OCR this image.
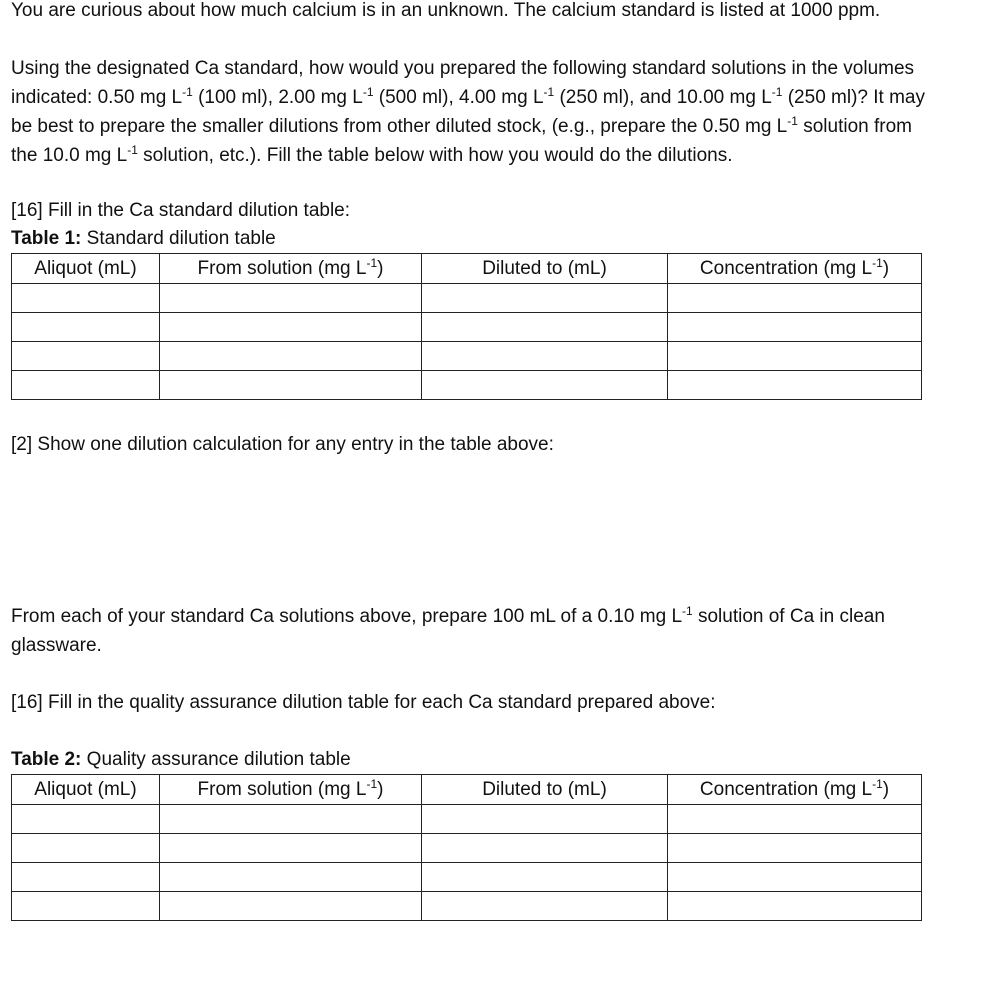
You are curious about how much calcium is in an unknown. The calcium standard is listed at 1000 ppm.

Using the designated Ca standard, how would you prepared the following standard solutions in the volumes indicated: 0.50 mg $L^{-1}$ (100 ml), 2.00 mg $L^{-1}$ (500 ml), 4.00 mg $L^{-1}$ (250 ml), and 10.00 mg $L^{-1}$ (250 ml)? It may be best to prepare the smaller dilutions from other diluted stock, (e.g., prepare the 0.50 mg $L^{-1}$ solution from the 10.0 mg $L^{-1}$ solution, etc.). Fill the table below with how you would do the dilutions.

[16] Fill in the Ca standard dilution table:

Table 1: Standard dilution table

Aliquot (mL)	From solution (mg $L^{-1}$)	Diluted to (mL)	Concentration (mg $L^{-1}$)

[2] Show one dilution calculation for any entry in the table above:

From each of your standard Ca solutions above, prepare 100 mL of a 0.10 mg $L^{-1}$ solution of Ca in clean glassware.

[16] Fill in the quality assurance dilution table for each Ca standard prepared above:

Table 2: Quality assurance dilution table

Aliquot (mL)	From solution (mg $L^{-1}$)	Diluted to (mL)	Concentration (mg $L^{-1}$)
